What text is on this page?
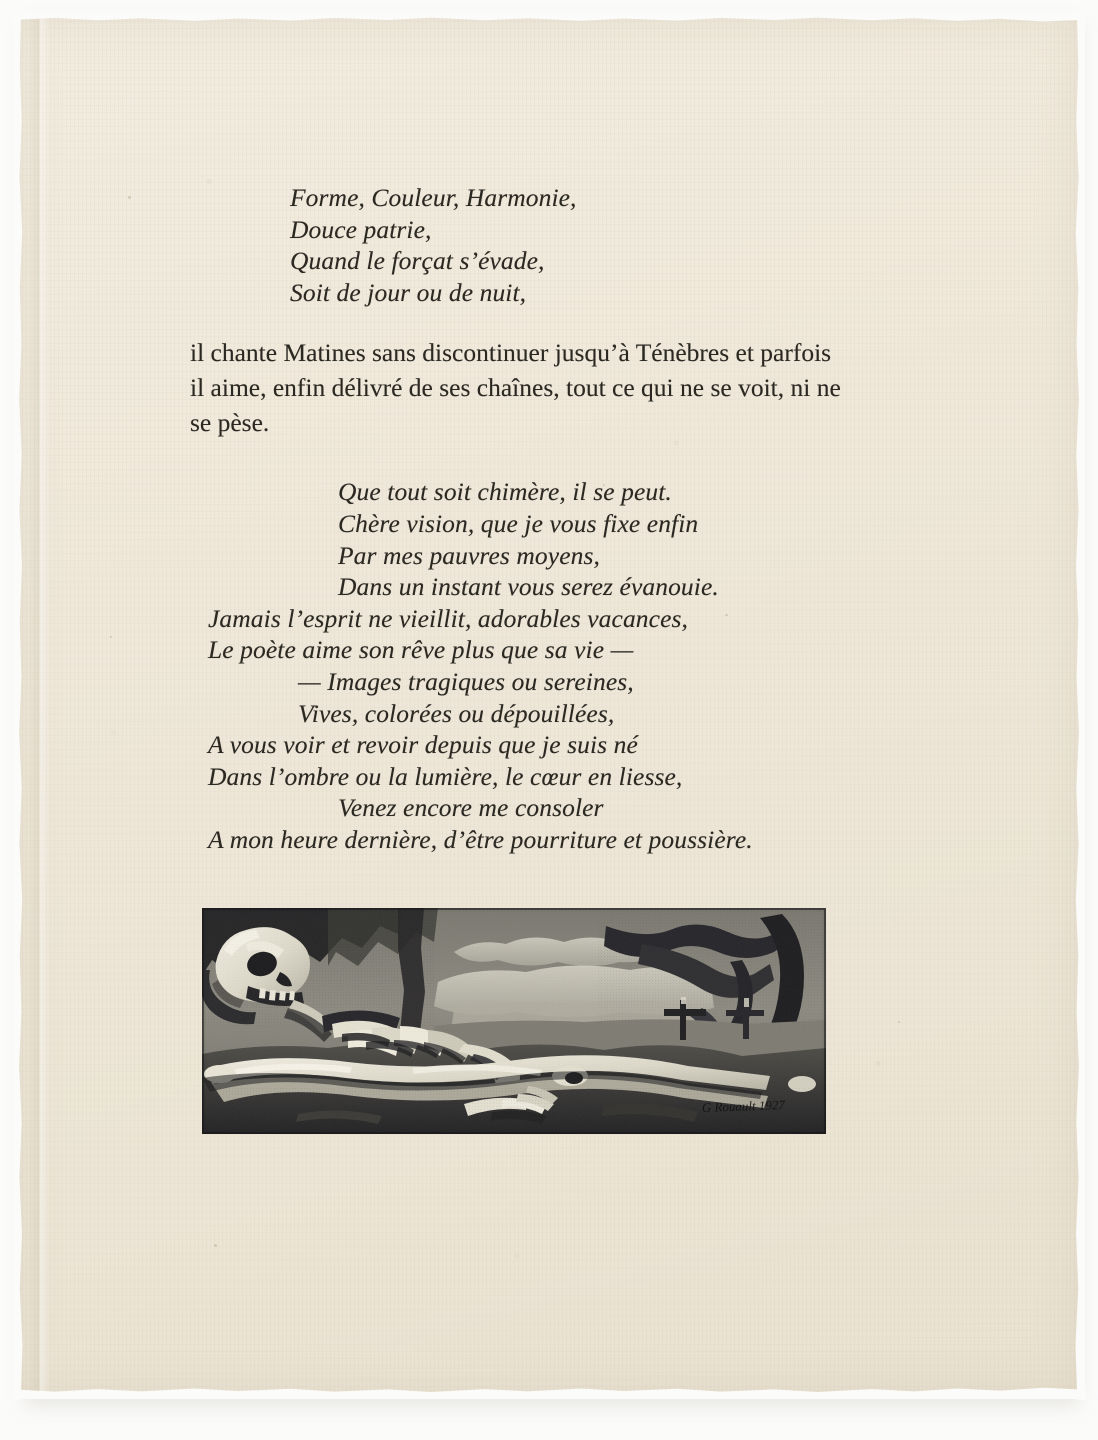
Forme, Couleur, Harmonie,
Douce patrie,
Quand le forçat s’évade,
Soit de jour ou de nuit,

il chante Matines sans discontinuer jusqu’à Ténèbres et parfois il aime, enfin délivré de ses chaînes, tout ce qui ne se voit, ni ne se pèse.

Que tout soit chimère, il se peut.
Chère vision, que je vous fixe enfin
Par mes pauvres moyens,
Dans un instant vous serez évanouie.
Jamais l’esprit ne vieillit, adorables vacances,
Le poète aime son rêve plus que sa vie —
— Images tragiques ou sereines,
Vives, colorées ou dépouillées,
A vous voir et revoir depuis que je suis né
Dans l’ombre ou la lumière, le cœur en liesse,
Venez encore me consoler
A mon heure dernière, d’être pourriture et poussière.
G Rouault 1927
